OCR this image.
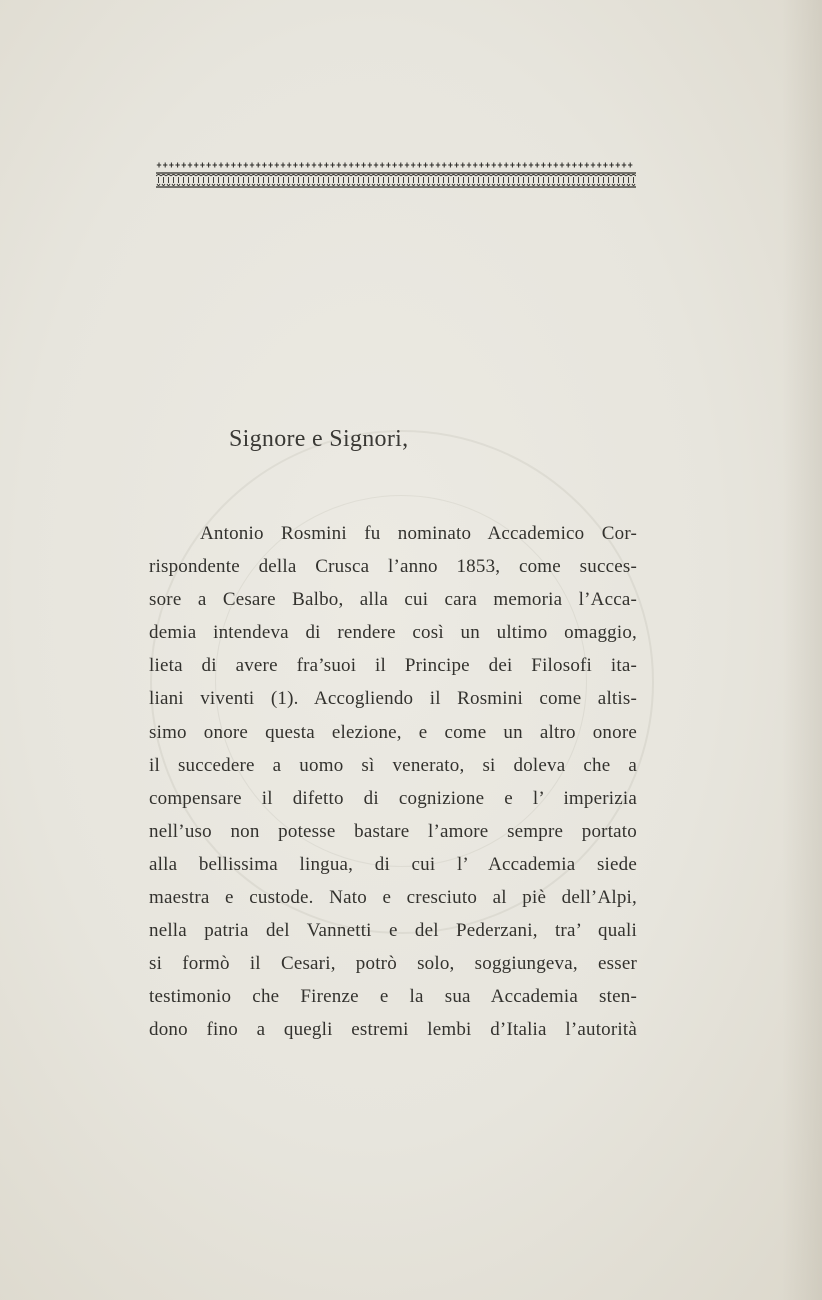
Signore e Signori,
Antonio Rosmini fu nominato Accademico Cor-
rispondente della Crusca l’anno 1853, come succes-
sore a Cesare Balbo, alla cui cara memoria l’Acca-
demia intendeva di rendere così un ultimo omaggio,
lieta di avere fra’suoi il Principe dei Filosofi ita-
liani viventi (1). Accogliendo il Rosmini come altis-
simo onore questa elezione, e come un altro onore
il succedere a uomo sì venerato, si doleva che a
compensare il difetto di cognizione e l’ imperizia
nell’uso non potesse bastare l’amore sempre portato
alla bellissima lingua, di cui l’ Accademia siede
maestra e custode. Nato e cresciuto al piè dell’Alpi,
nella patria del Vannetti e del Pederzani, tra’ quali
si formò il Cesari, potrò solo, soggiungeva, esser
testimonio che Firenze e la sua Accademia sten-
dono fino a quegli estremi lembi d’Italia l’autorità
